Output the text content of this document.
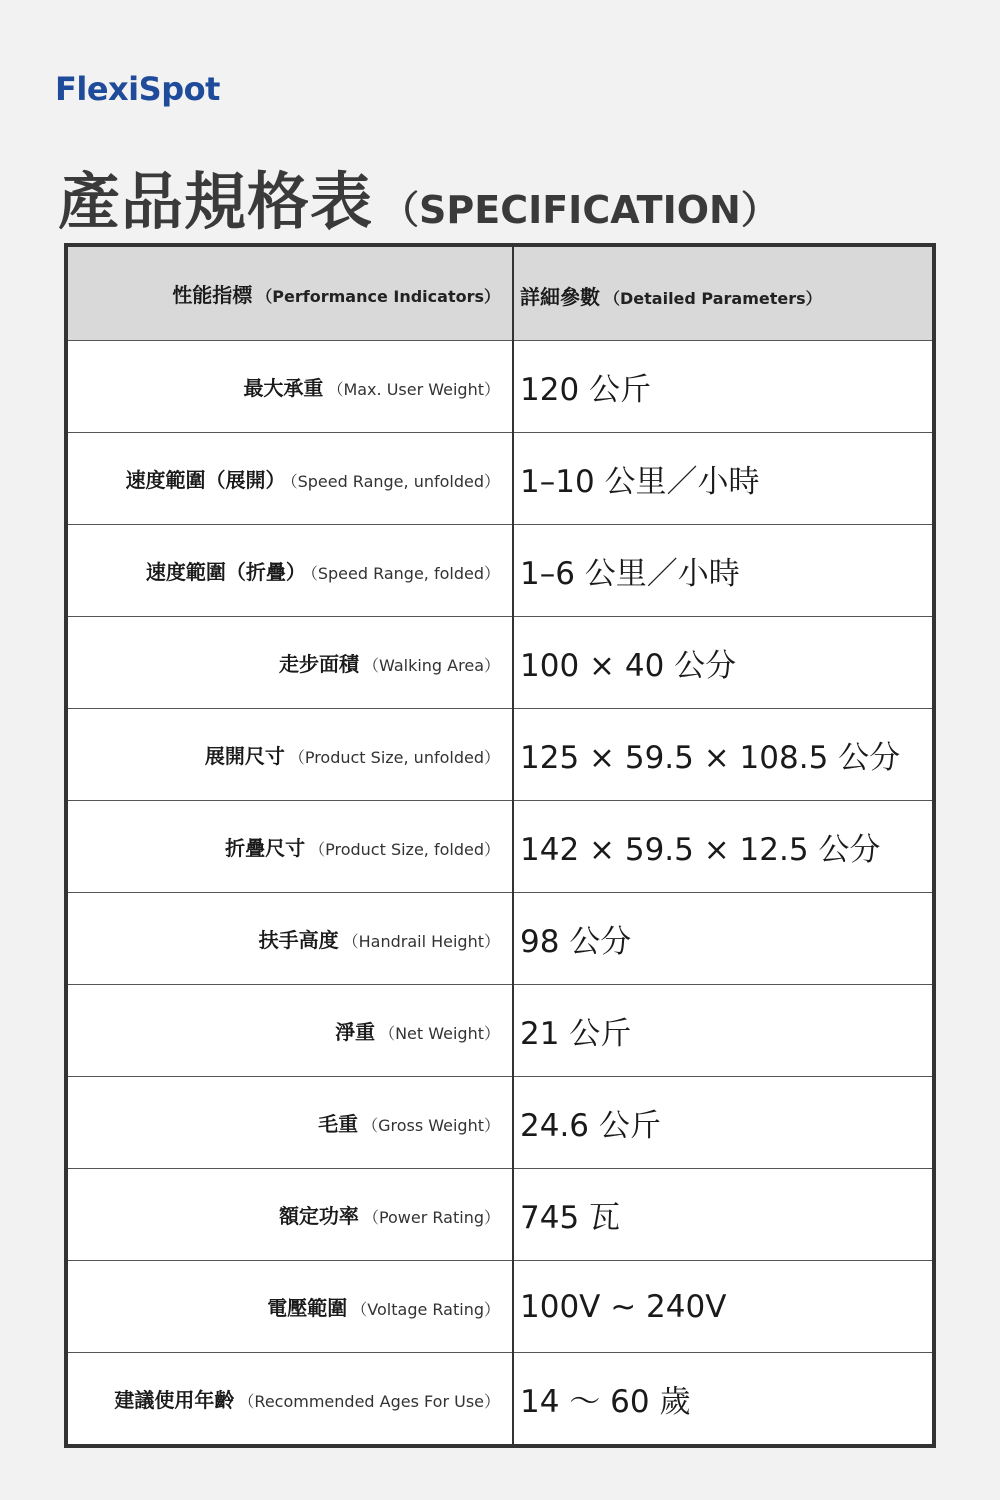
FlexiSpot
產品規格表 （SPECIFICATION）
性能指標 （Performance Indicators）	詳細參數 （Detailed Parameters）
最大承重 （Max. User Weight）	120 公斤
速度範圍（展開） （Speed Range, unfolded）	1–10 公里／小時
速度範圍（折疊） （Speed Range, folded）	1–6 公里／小時
走步面積 （Walking Area）	100 × 40 公分
展開尺寸 （Product Size, unfolded）	125 × 59.5 × 108.5 公分
折疊尺寸 （Product Size, folded）	142 × 59.5 × 12.5 公分
扶手高度 （Handrail Height）	98 公分
淨重 （Net Weight）	21 公斤
毛重 （Gross Weight）	24.6 公斤
額定功率 （Power Rating）	745 瓦
電壓範圍 （Voltage Rating）	100V ~ 240V
建議使用年齡 （Recommended Ages For Use）	14 ～ 60 歲
